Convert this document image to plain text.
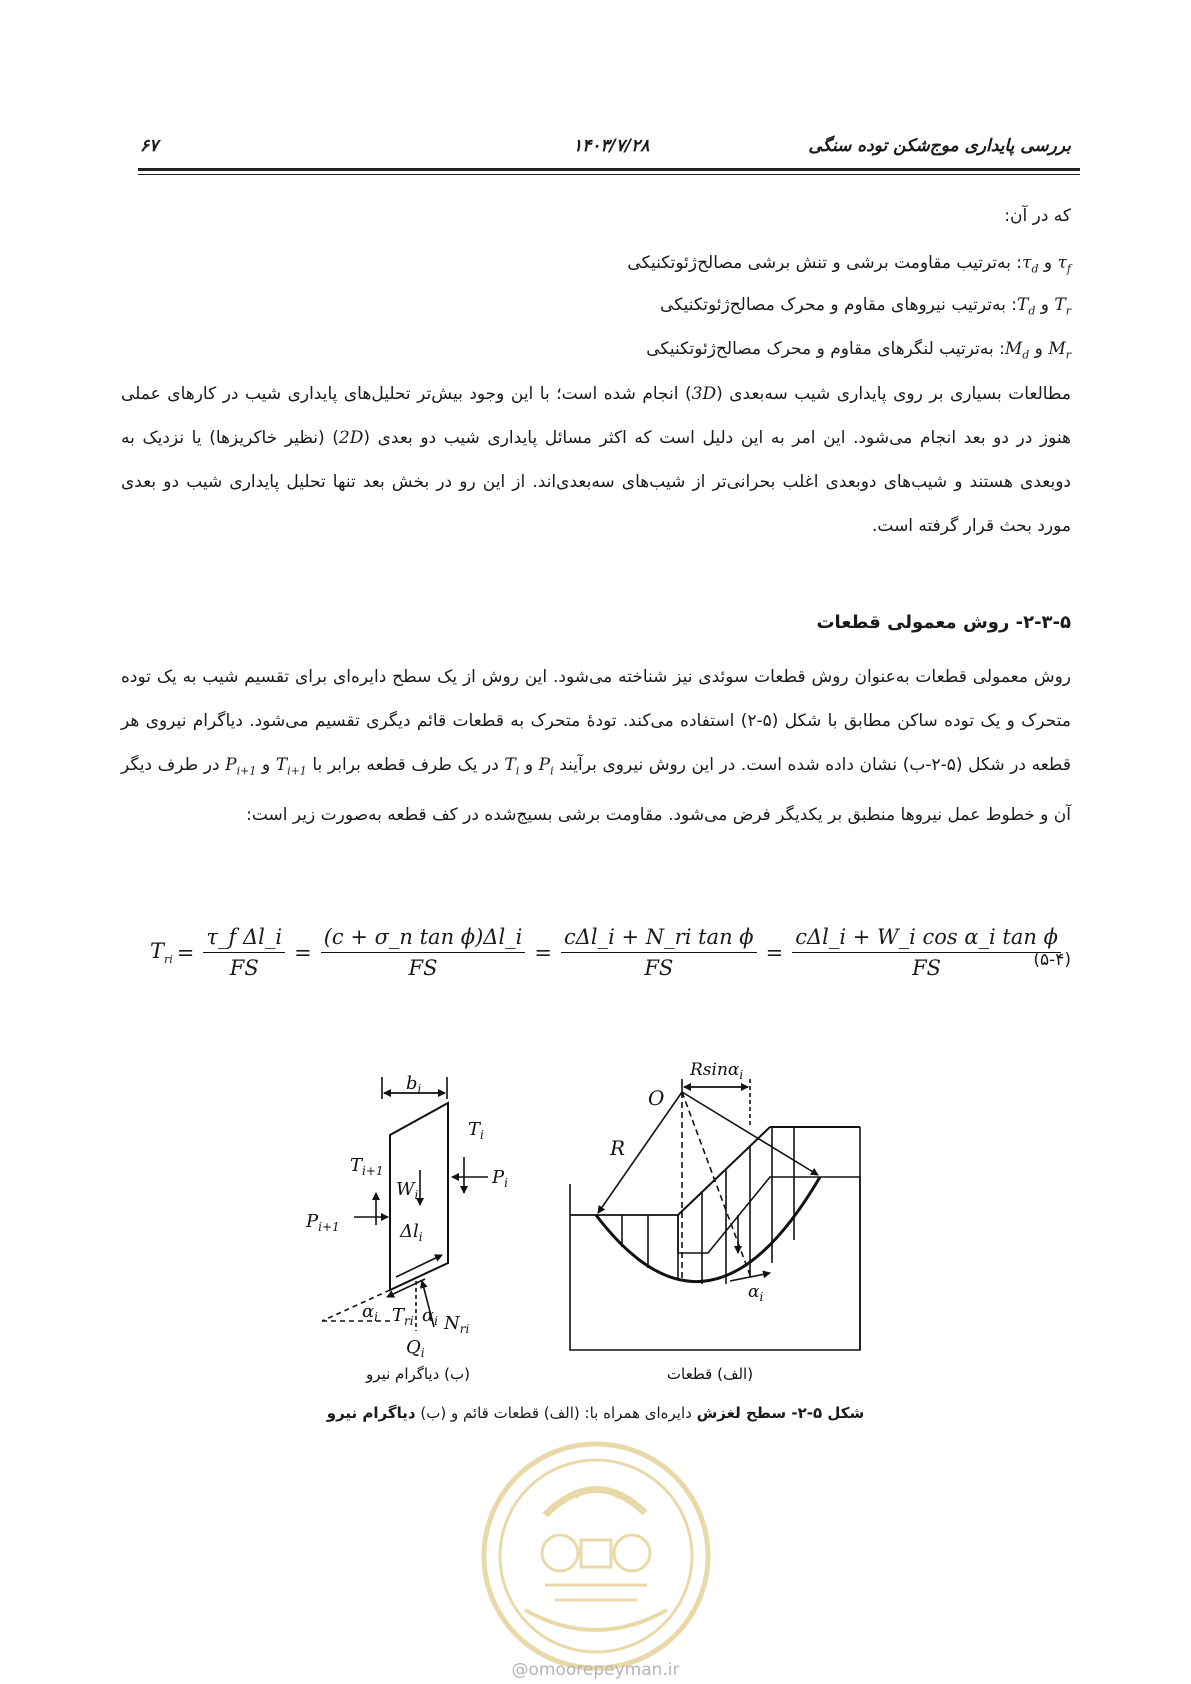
بررسی پایداری موج‌شکن توده سنگی
۱۴۰۳/۷/۲۸
۶۷
که در آن:
$\tau_f$ و $\tau_d$: به‌ترتیب مقاومت برشی و تنش برشی مصالح‌ژئوتکنیکی
$T_r$ و $T_d$: به‌ترتیب نیروهای مقاوم و محرک مصالح‌ژئوتکنیکی
$M_r$ و $M_d$: به‌ترتیب لنگرهای مقاوم و محرک مصالح‌ژئوتکنیکی
مطالعات بسیاری بر روی پایداری شیب سه‌بعدی (3D) انجام شده است؛ با این وجود بیش‌تر تحلیل‌های پایداری شیب در کارهای عملی هنوز در دو بعد انجام می‌شود. این امر به این دلیل است که اکثر مسائل پایداری شیب دو بعدی (2D) (نظیر خاکریزها) یا نزدیک به دوبعدی هستند و شیب‌های دوبعدی اغلب بحرانی‌تر از شیب‌های سه‌بعدی‌اند. از این رو در بخش بعد تنها تحلیل پایداری شیب دو بعدی مورد بحث قرار گرفته است.
۲-۳-۵- روش معمولی قطعات
روش معمولی قطعات به‌عنوان روش قطعات سوئدی نیز شناخته می‌شود. این روش از یک سطح دایره‌ای برای تقسیم شیب به یک توده متحرک و یک توده ساکن مطابق با شکل (۵-۲) استفاده می‌کند. تودهٔ متحرک به قطعات قائم دیگری تقسیم می‌شود. دیاگرام نیروی هر قطعه در شکل (۵-۲-ب) نشان داده شده است. در این روش نیروی برآیند $P_i$ و $T_i$ در یک طرف قطعه برابر با $T_{i+1}$ و $P_{i+1}$ در طرف دیگر آن و خطوط عمل نیروها منطبق بر یکدیگر فرض می‌شود. مقاومت برشی بسیج‌شده در کف قطعه به‌صورت زیر است:
$T_{ri} = \frac{\text{τ\_f Δl\_i}}{FS} = \frac{\text{(c + σ\_n tan ϕ)Δl\_i}}{FS} = \frac{\text{cΔl\_i + N\_ri tan ϕ}}{FS} = \frac{\text{cΔl\_i + W\_i cos α\_i tan ϕ}}{FS}$
(۵-۴)
$b_i$
$T_i$
$P_i$
$T_{i+1}$
$P_{i+1}$
$W_i$
$\Delta l_i$
$\alpha_i$ $T_{ri}$ $\alpha_i$ $N_{ri}$
$Q_i$
(ب) دیاگرام نیرو
O
R
Rsinα$_i$
$\alpha_i$
(الف) قطعات
شکل ۵-۲- سطح لغزش دایره‌ای همراه با: (الف) قطعات قائم و (ب) دیاگرام نیرو
@omoorepeyman.ir
